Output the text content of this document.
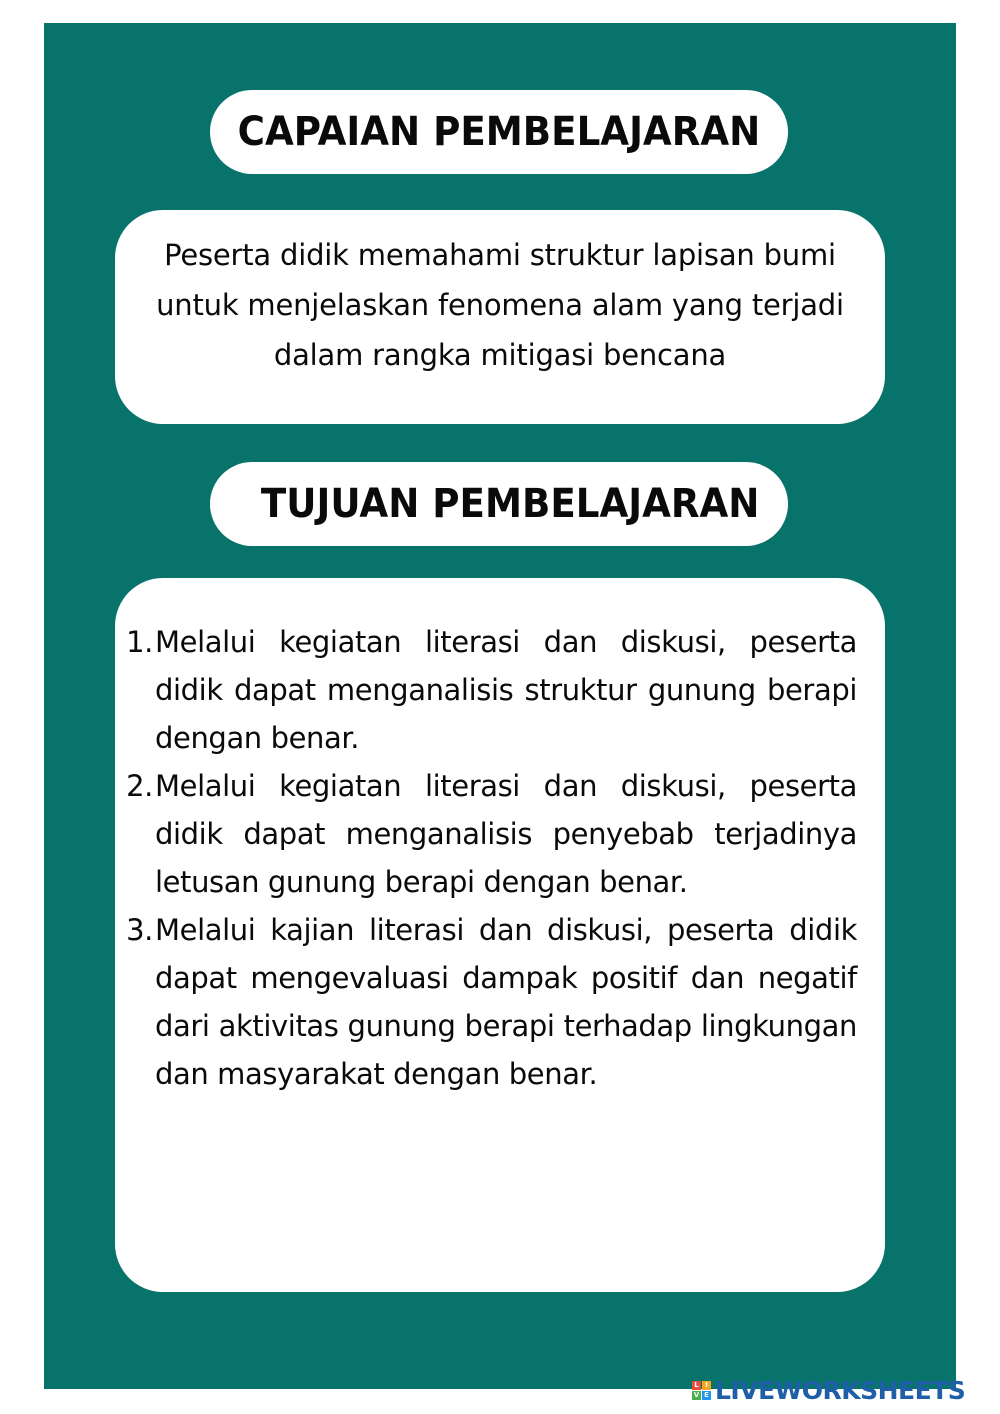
CAPAIAN PEMBELAJARAN

Peserta didik memahami struktur lapisan bumi untuk menjelaskan fenomena alam yang terjadi dalam rangka mitigasi bencana

TUJUAN PEMBELAJARAN
1. Melalui kegiatan literasi dan diskusi, peserta didik dapat menganalisis struktur gunung berapi dengan benar.
2. Melalui kegiatan literasi dan diskusi, peserta didik dapat menganalisis penyebab terjadinya letusan gunung berapi dengan benar.
3. Melalui kajian literasi dan diskusi, peserta didik dapat mengevaluasi dampak positif dan negatif dari aktivitas gunung berapi terhadap lingkungan dan masyarakat dengan benar.
L I
V E LIVEWORKSHEETS
